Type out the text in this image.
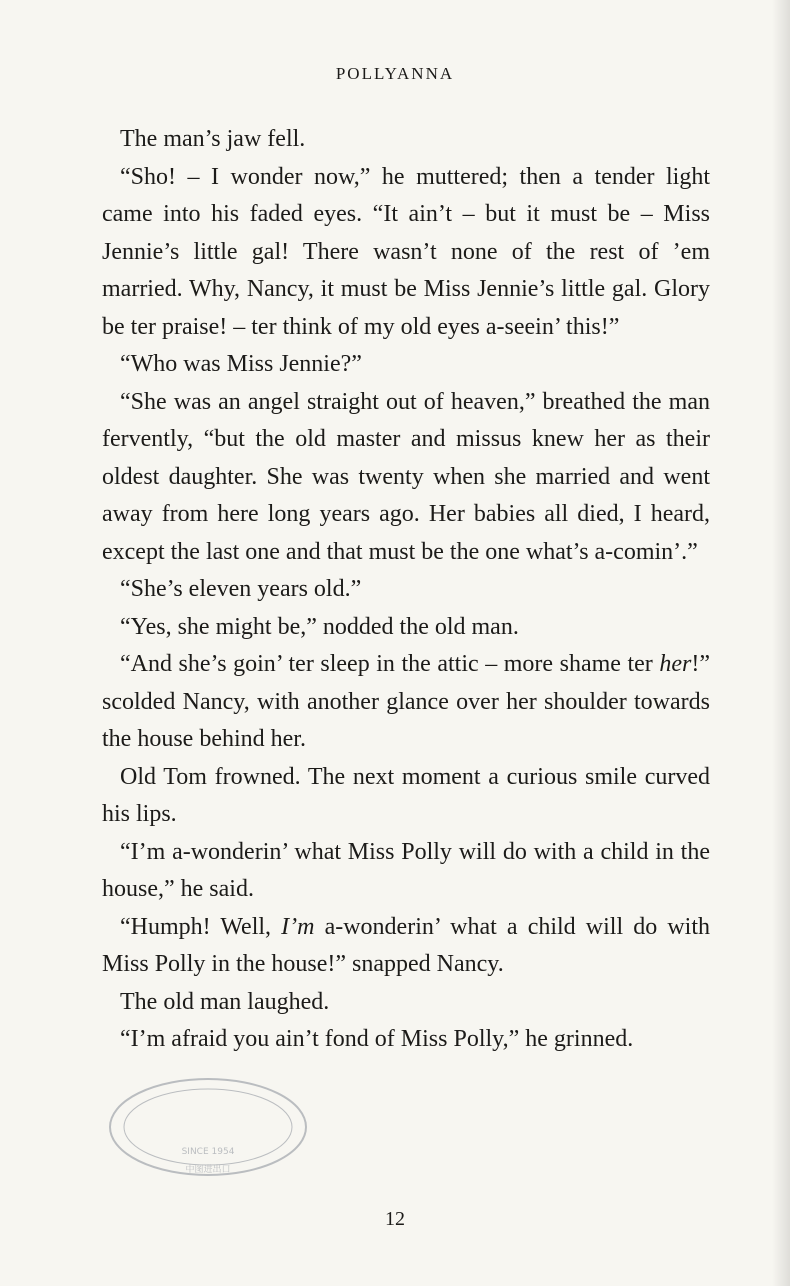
POLLYANNA

The man’s jaw fell.

“Sho! – I wonder now,” he muttered; then a tender light came into his faded eyes. “It ain’t – but it must be – Miss Jennie’s little gal! There wasn’t none of the rest of ’em married. Why, Nancy, it must be Miss Jennie’s little gal. Glory be ter praise! – ter think of my old eyes a-seein’ this!”

“Who was Miss Jennie?”

“She was an angel straight out of heaven,” breathed the man fervently, “but the old master and missus knew her as their oldest daughter. She was twenty when she married and went away from here long years ago. Her babies all died, I heard, except the last one and that must be the one what’s a-comin’.”

“She’s eleven years old.”

“Yes, she might be,” nodded the old man.

“And she’s goin’ ter sleep in the attic – more shame ter her!” scolded Nancy, with another glance over her shoulder towards the house behind her.

Old Tom frowned. The next moment a curious smile curved his lips.

“I’m a-wonderin’ what Miss Polly will do with a child in the house,” he said.

“Humph! Well, I’m a-wonderin’ what a child will do with Miss Polly in the house!” snapped Nancy.

The old man laughed.

“I’m afraid you ain’t fond of Miss Polly,” he grinned.

SINCE 1954
中图进出口
12
